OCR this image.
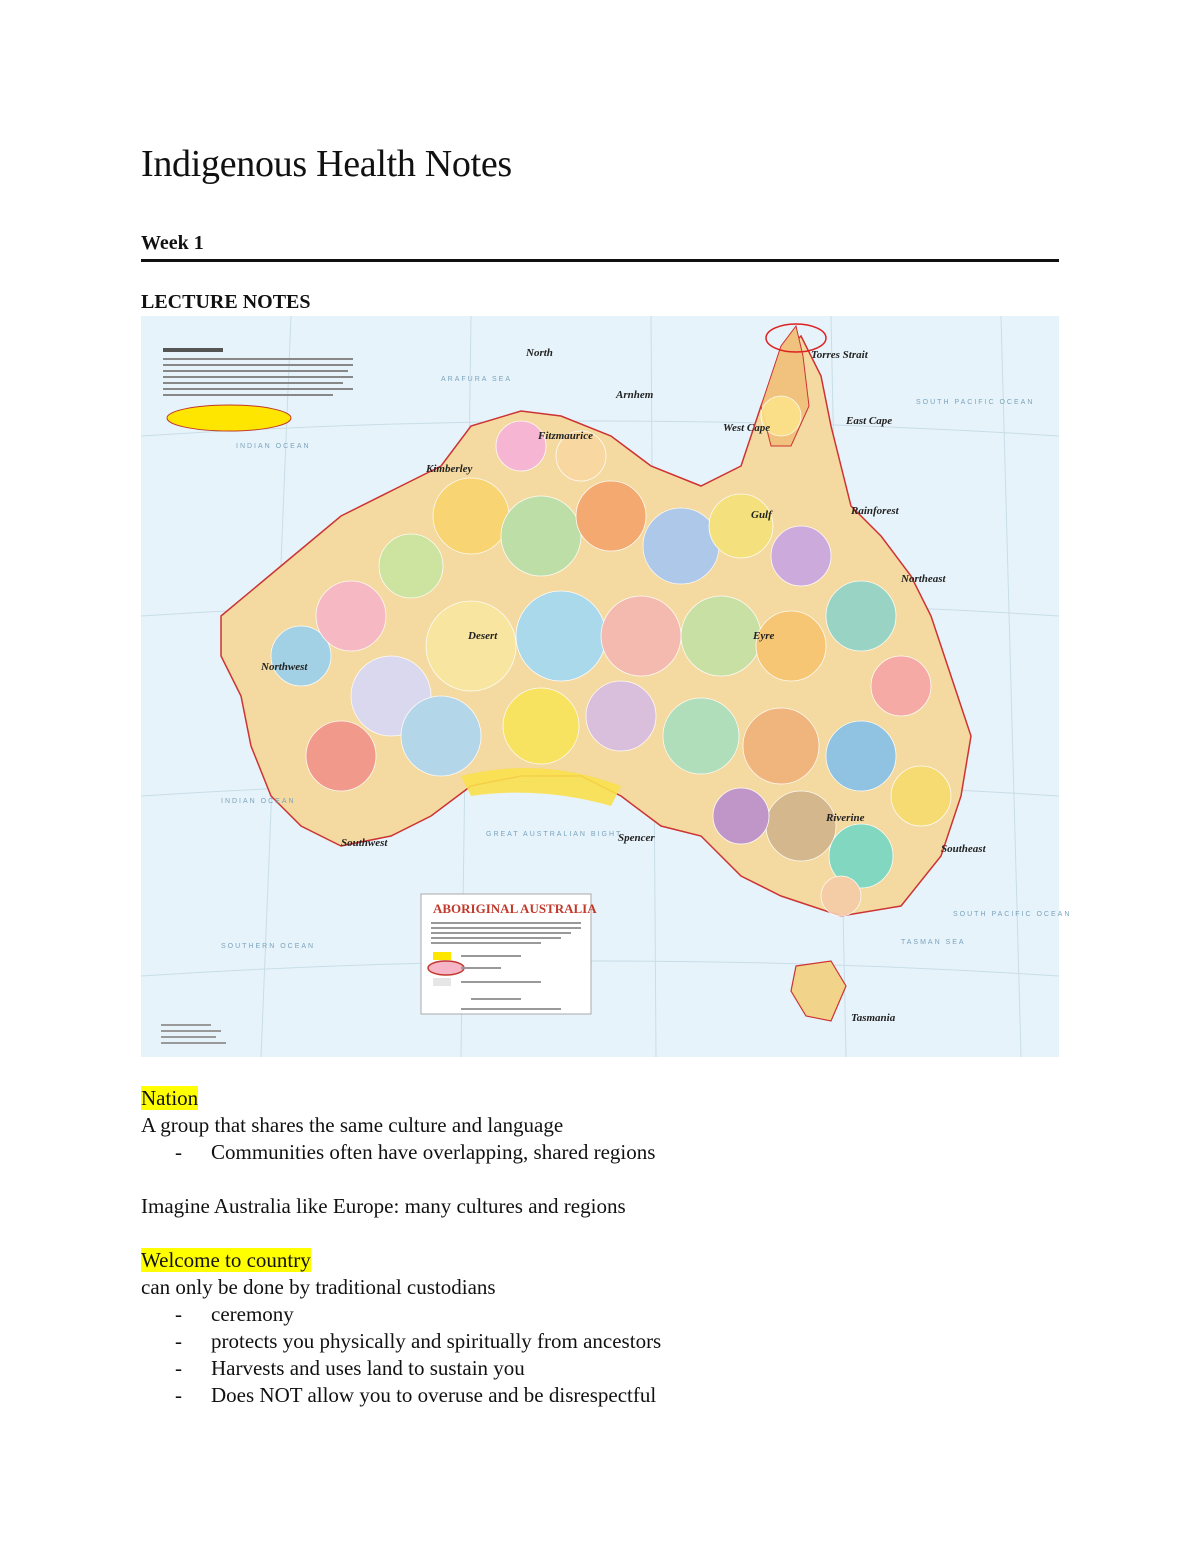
Indigenous Health Notes
Week 1
LECTURE NOTES
North	Torres Strait
Arnhem
East Cape
West Cape
Fitzmaurice
Kimberley
Gulf	Rainforest
Northeast
Desert	Eyre
Northwest
Riverine
Southwest	Spencer
Southeast
Tasmania
ARAFURA SEA
SOUTH PACIFIC OCEAN
INDIAN OCEAN
INDIAN OCEAN
GREAT AUSTRALIAN BIGHT
SOUTHERN OCEAN
TASMAN SEA
SOUTH PACIFIC OCEAN
ABORIGINAL AUSTRALIA

Nation

A group that shares the same culture and language

- Communities often have overlapping, shared regions

Imagine Australia like Europe: many cultures and regions

Welcome to country

can only be done by traditional custodians

- ceremony

- protects you physically and spiritually from ancestors

- Harvests and uses land to sustain you

- Does NOT allow you to overuse and be disrespectful
